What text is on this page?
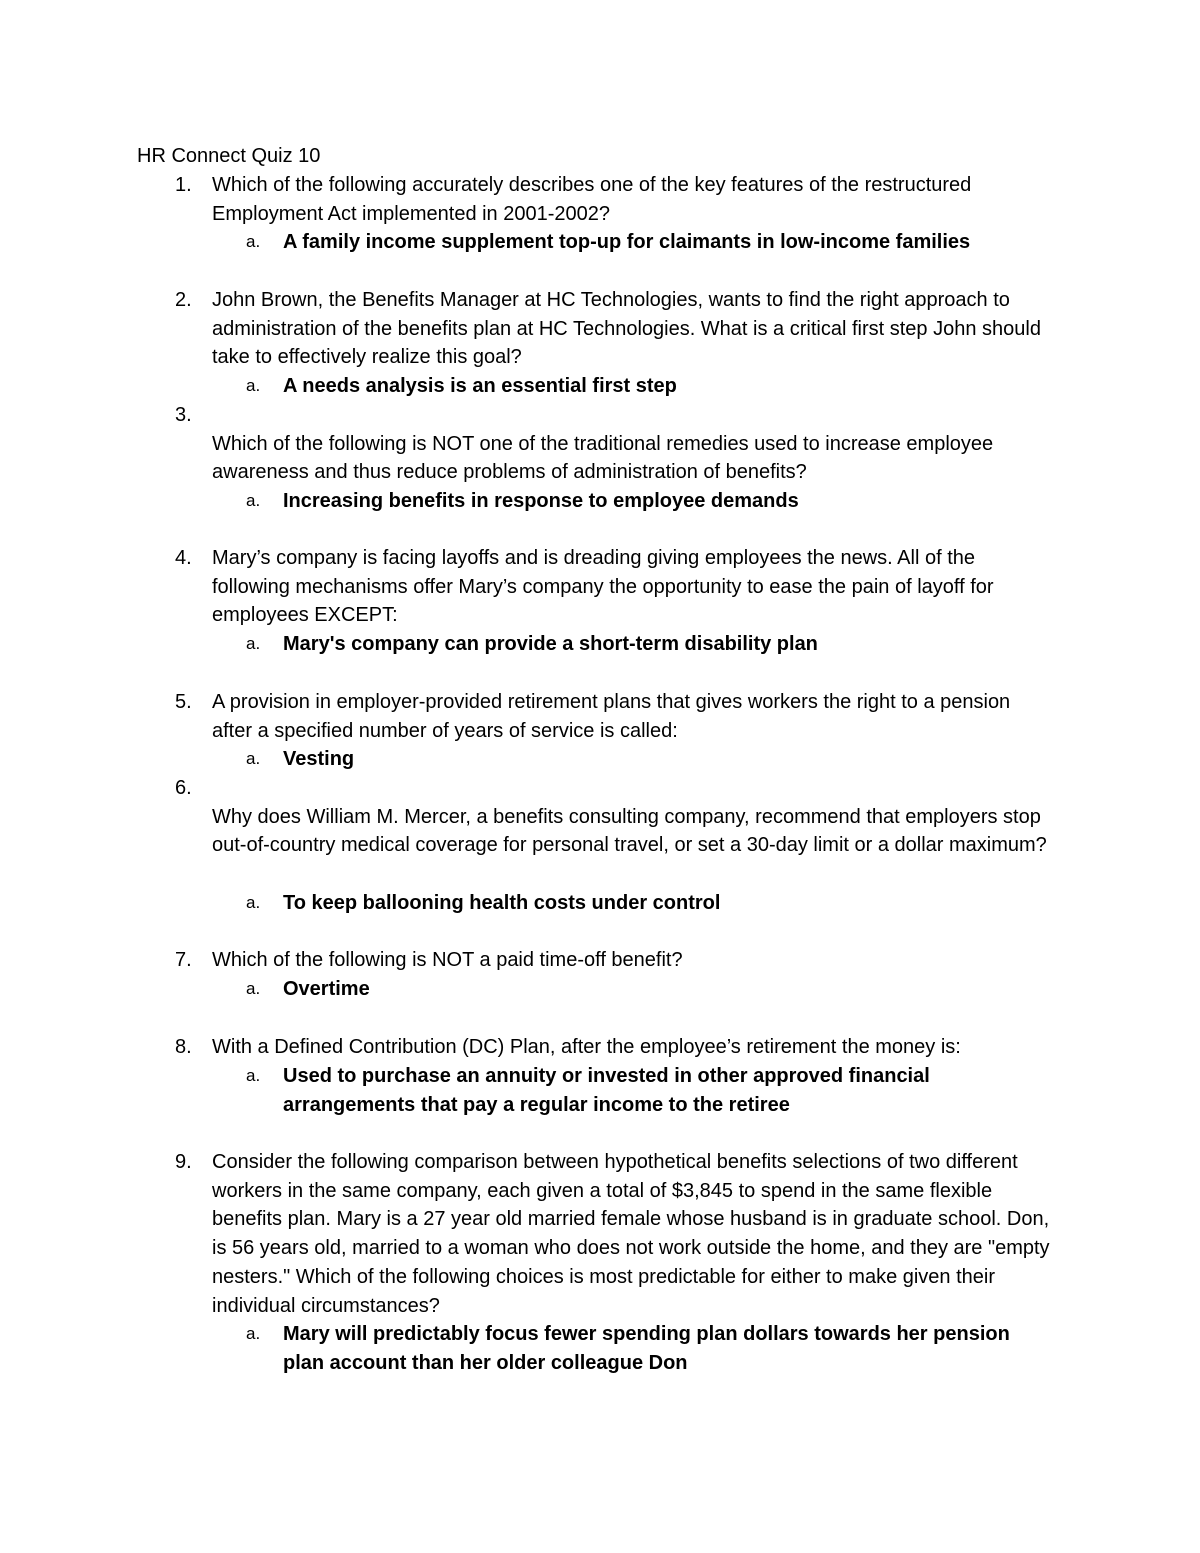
HR Connect Quiz 10
1. Which of the following accurately describes one of the key features of the restructured Employment Act implemented in 2001-2002?
a. A family income supplement top-up for claimants in low-income families
2. John Brown, the Benefits Manager at HC Technologies, wants to find the right approach to administration of the benefits plan at HC Technologies. What is a critical first step John should take to effectively realize this goal?
a. A needs analysis is an essential first step
3.
Which of the following is NOT one of the traditional remedies used to increase employee awareness and thus reduce problems of administration of benefits?
a. Increasing benefits in response to employee demands
4. Mary’s company is facing layoffs and is dreading giving employees the news. All of the following mechanisms offer Mary’s company the opportunity to ease the pain of layoff for employees EXCEPT:
a. Mary's company can provide a short-term disability plan
5. A provision in employer-provided retirement plans that gives workers the right to a pension after a specified number of years of service is called:
a. Vesting
6.
Why does William M. Mercer, a benefits consulting company, recommend that employers stop out-of-country medical coverage for personal travel, or set a 30-day limit or a dollar maximum?
a. To keep ballooning health costs under control
7. Which of the following is NOT a paid time-off benefit?
a. Overtime
8. With a Defined Contribution (DC) Plan, after the employee’s retirement the money is:
a. Used to purchase an annuity or invested in other approved financial arrangements that pay a regular income to the retiree
9. Consider the following comparison between hypothetical benefits selections of two different workers in the same company, each given a total of $3,845 to spend in the same flexible benefits plan. Mary is a 27 year old married female whose husband is in graduate school. Don, is 56 years old, married to a woman who does not work outside the home, and they are "empty nesters." Which of the following choices is most predictable for either to make given their individual circumstances?
a. Mary will predictably focus fewer spending plan dollars towards her pension plan account than her older colleague Don
